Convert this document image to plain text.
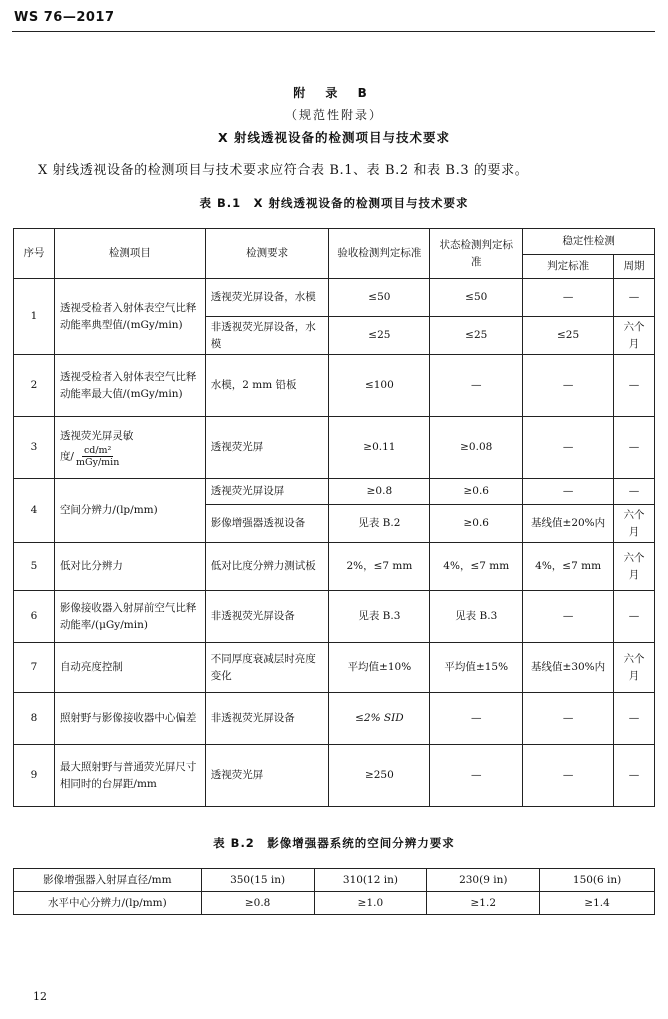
WS 76—2017
附 录 B
（规范性附录）
X 射线透视设备的检测项目与技术要求
X 射线透视设备的检测项目与技术要求应符合表 B.1、表 B.2 和表 B.3 的要求。
表 B.1　X 射线透视设备的检测项目与技术要求
序号	检测项目	检测要求	验收检测判定标准	状态检测判定标准	稳定性检测	
					判定标准	周期
1	透视受检者入射体表空气比释动能率典型值/(mGy/min)	透视荧光屏设备，水模	≤50	≤50	—	—
		非透视荧光屏设备，水模	≤25	≤25	≤25	六个月
2	透视受检者入射体表空气比释动能率最大值/(mGy/min)	水模，2 mm 铅板	≤100	—	—	—
3	透视荧光屏灵敏
度/ $\frac{\text{cd/m²}}{\text{mGy/min}}$	透视荧光屏	≥0.11	≥0.08	—	—
4	空间分辨力/(lp/mm)	透视荧光屏设屏	≥0.8	≥0.6	—	—
		影像增强器透视设备	见表 B.2	≥0.6	基线值±20%内	六个月
5	低对比分辨力	低对比度分辨力测试板	2%，≤7 mm	4%，≤7 mm	4%，≤7 mm	六个月
6	影像接收器入射屏前空气比释动能率/(μGy/min)	非透视荧光屏设备	见表 B.3	见表 B.3	—	—
7	自动亮度控制	不同厚度衰减层时亮度变化	平均值±10%	平均值±15%	基线值±30%内	六个月
8	照射野与影像接收器中心偏差	非透视荧光屏设备	≤2% SID	—	—	—
9	最大照射野与普通荧光屏尺寸相同时的台屏距/mm	透视荧光屏	≥250	—	—	—
表 B.2　影像增强器系统的空间分辨力要求
影像增强器入射屏直径/mm	350(15 in)	310(12 in)	230(9 in)	150(6 in)
水平中心分辨力/(lp/mm)	≥0.8	≥1.0	≥1.2	≥1.4
12
